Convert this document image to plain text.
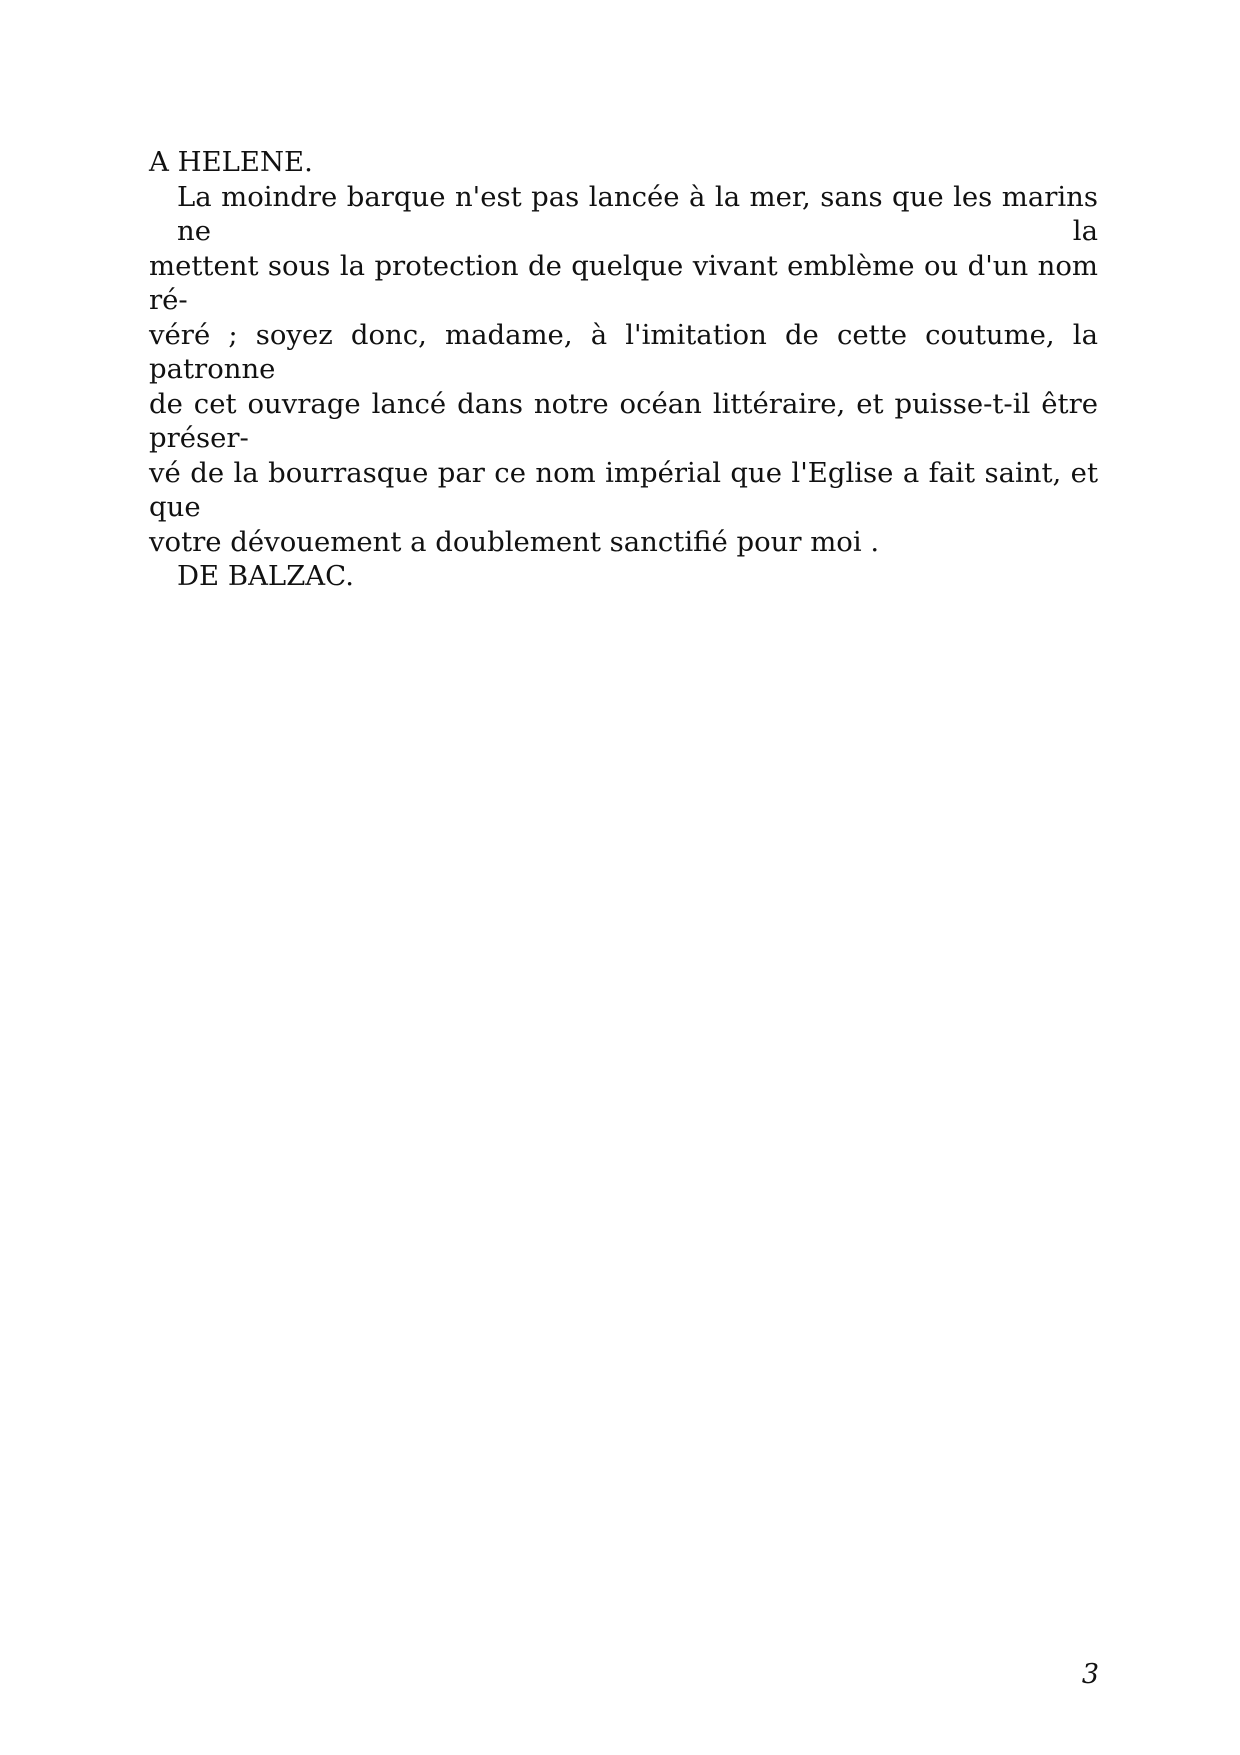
A HELENE.
La moindre barque n'est pas lancée à la mer, sans que les marins ne la
mettent sous la protection de quelque vivant emblème ou d'un nom ré-
véré ; soyez donc, madame, à l'imitation de cette coutume, la patronne
de cet ouvrage lancé dans notre océan littéraire, et puisse-t-il être préser-
vé de la bourrasque par ce nom impérial que l'Eglise a fait saint, et que
votre dévouement a doublement sanctifié pour moi .
DE BALZAC.
3
